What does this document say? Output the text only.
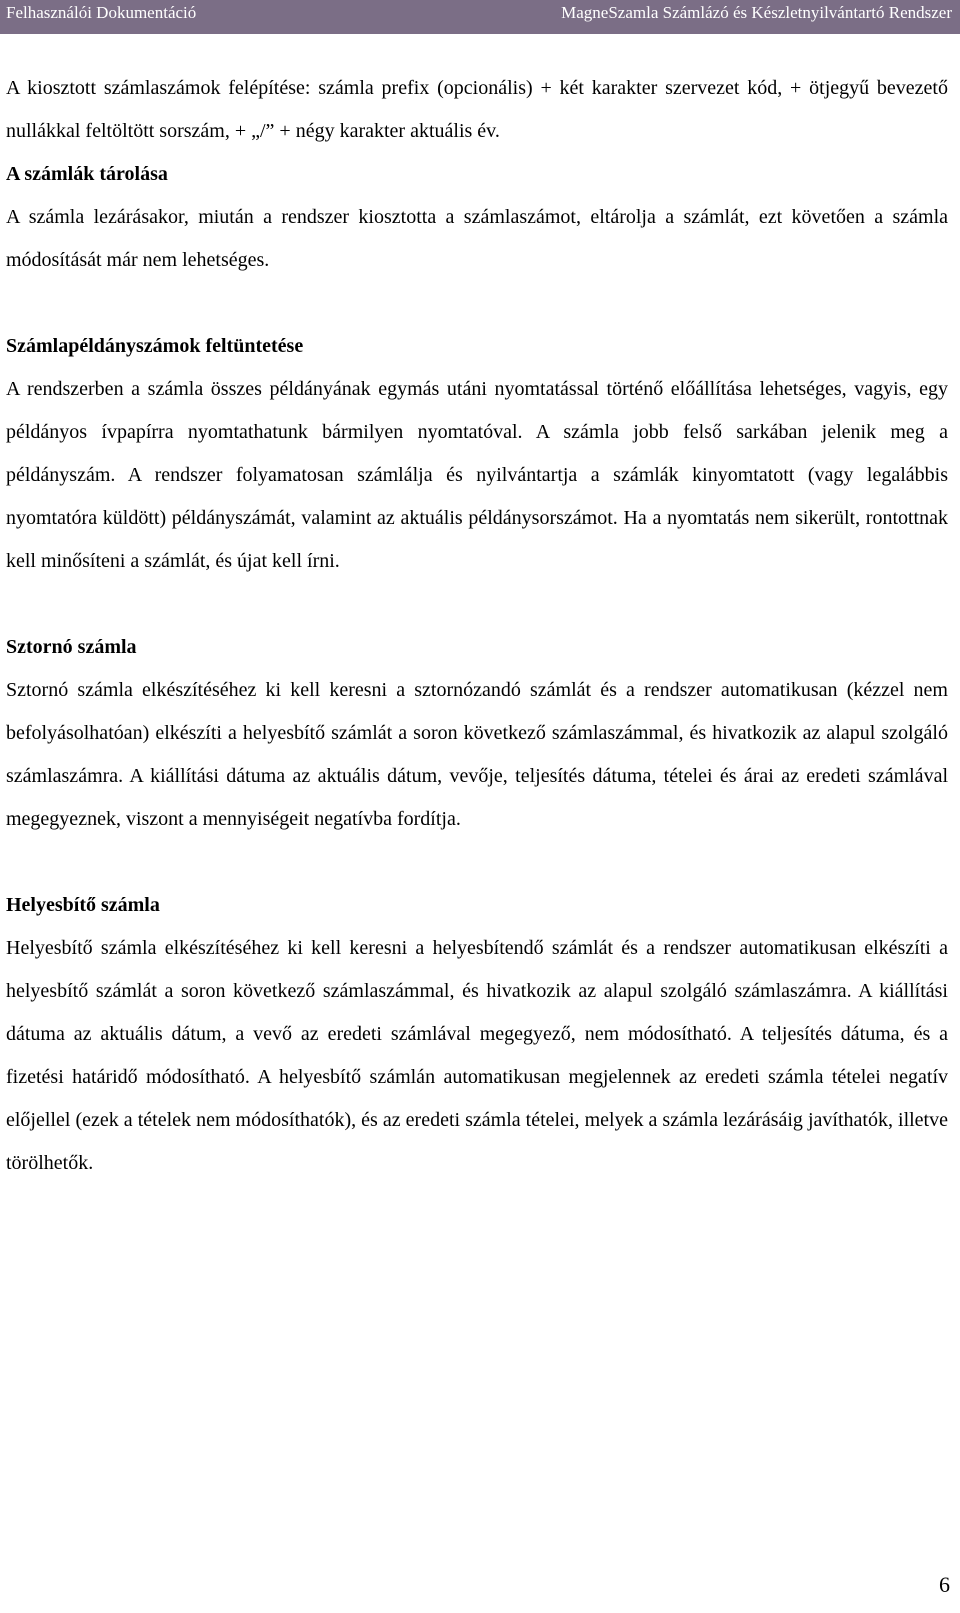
Felhasználói Dokumentáció	MagneSzamla Számlázó és Készletnyilvántartó Rendszer

A kiosztott számlaszámok felépítése: számla prefix (opcionális) + két karakter szervezet kód, + ötjegyű bevezető nullákkal feltöltött sorszám, + „/” + négy karakter aktuális év.

A számlák tárolása

A számla lezárásakor, miután a rendszer kiosztotta a számlaszámot, eltárolja a számlát, ezt követően a számla módosítását már nem lehetséges.

Számlapéldányszámok feltüntetése

A rendszerben a számla összes példányának egymás utáni nyomtatással történő előállítása lehetséges, vagyis, egy példányos ívpapírra nyomtathatunk bármilyen nyomtatóval. A számla jobb felső sarkában jelenik meg a példányszám. A rendszer folyamatosan számlálja és nyilvántartja a számlák kinyomtatott (vagy legalábbis nyomtatóra küldött) példányszámát, valamint az aktuális példánysorszámot. Ha a nyomtatás nem sikerült, rontottnak kell minősíteni a számlát, és újat kell írni.

Sztornó számla

Sztornó számla elkészítéséhez ki kell keresni a sztornózandó számlát és a rendszer automatikusan (kézzel nem befolyásolhatóan) elkészíti a helyesbítő számlát a soron következő számlaszámmal, és hivatkozik az alapul szolgáló számlaszámra. A kiállítási dátuma az aktuális dátum, vevője, teljesítés dátuma, tételei és árai az eredeti számlával megegyeznek, viszont a mennyiségeit negatívba fordítja.

Helyesbítő számla

Helyesbítő számla elkészítéséhez ki kell keresni a helyesbítendő számlát és a rendszer automatikusan elkészíti a helyesbítő számlát a soron következő számlaszámmal, és hivatkozik az alapul szolgáló számlaszámra. A kiállítási dátuma az aktuális dátum, a vevő az eredeti számlával megegyező, nem módosítható. A teljesítés dátuma, és a fizetési határidő módosítható. A helyesbítő számlán automatikusan megjelennek az eredeti számla tételei negatív előjellel (ezek a tételek nem módosíthatók), és az eredeti számla tételei, melyek a számla lezárásáig javíthatók, illetve törölhetők.

6
